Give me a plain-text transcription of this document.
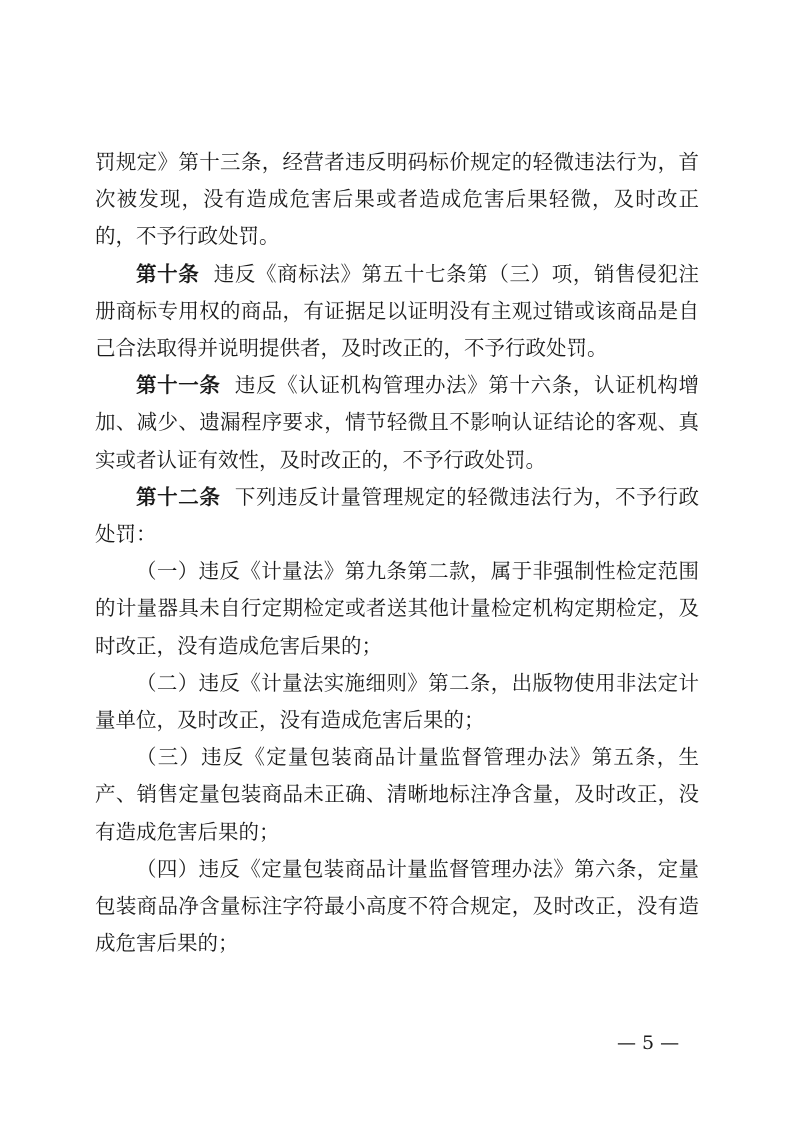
罚规定》第十三条，经营者违反明码标价规定的轻微违法行为，首次被发现，没有造成危害后果或者造成危害后果轻微，及时改正的，不予行政处罚。

第十条 违反《商标法》第五十七条第（三）项，销售侵犯注册商标专用权的商品，有证据足以证明没有主观过错或该商品是自己合法取得并说明提供者，及时改正的，不予行政处罚。

第十一条 违反《认证机构管理办法》第十六条，认证机构增加、减少、遗漏程序要求，情节轻微且不影响认证结论的客观、真实或者认证有效性，及时改正的，不予行政处罚。

第十二条 下列违反计量管理规定的轻微违法行为，不予行政处罚：

（一）违反《计量法》第九条第二款，属于非强制性检定范围的计量器具未自行定期检定或者送其他计量检定机构定期检定，及时改正，没有造成危害后果的；

（二）违反《计量法实施细则》第二条，出版物使用非法定计量单位，及时改正，没有造成危害后果的；

（三）违反《定量包装商品计量监督管理办法》第五条，生产、销售定量包装商品未正确、清晰地标注净含量，及时改正，没有造成危害后果的；

（四）违反《定量包装商品计量监督管理办法》第六条，定量包装商品净含量标注字符最小高度不符合规定，及时改正，没有造成危害后果的；

— 5 —
